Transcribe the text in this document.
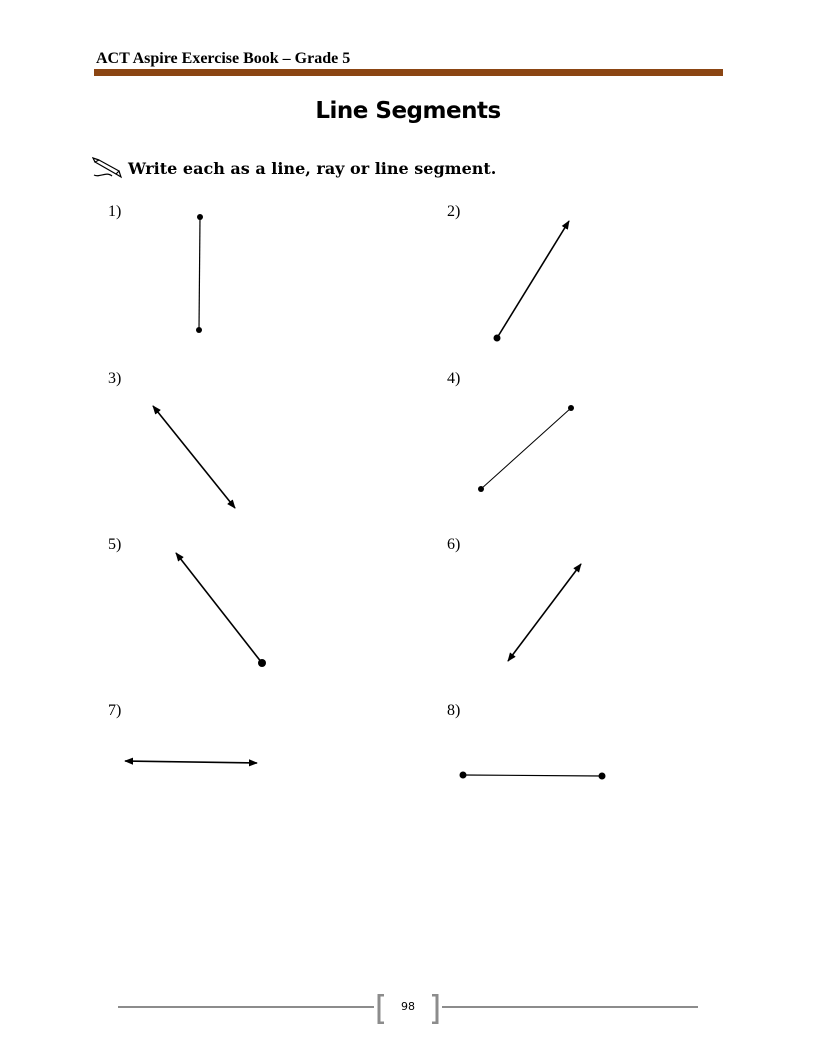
ACT Aspire Exercise Book – Grade 5
Line Segments
Write each as a line, ray or line segment.
1)	2)
3)	4)
5)	6)
7)	8)
98
